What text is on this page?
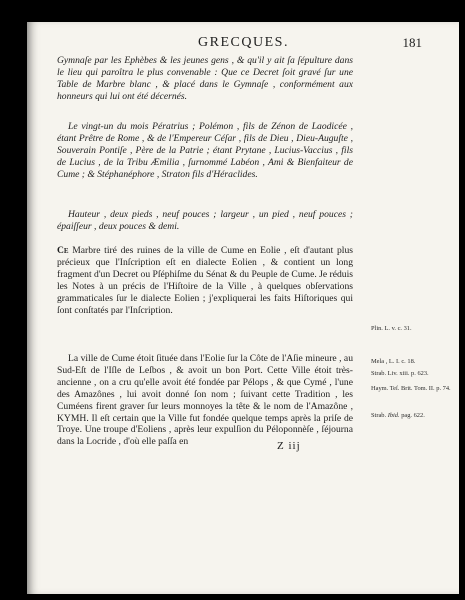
GRECQUES.	181

Gymnaſe par les Ephèbes & les jeunes gens , & qu'il y ait ſa ſépulture dans le lieu qui paroîtra le plus convenable : Que ce Decret ſoit gravé ſur une Table de Marbre blanc , & placé dans le Gymnaſe , conformément aux honneurs qui lui ont été décernés.

Le vingt-un du mois Pératrius ; Polémon , fils de Zénon de Laodicée , étant Prêtre de Rome , & de l'Empereur Céſar , fils de Dieu , Dieu-Auguſte , Souverain Pontiſe , Père de la Patrie ; étant Prytane , Lucius-Vaccius , fils de Lucius , de la Tribu Æmilia , ſurnommé Labéon , Ami & Bienfaiteur de Cume ; & Stéphanéphore , Straton fils d'Héraclides.

Hauteur , deux pieds , neuf pouces ; largeur , un pied , neuf pouces ; épaiſſeur , deux pouces & demi.

Ce Marbre tiré des ruines de la ville de Cume en Eolie , eſt d'autant plus précieux que l'Inſcription eſt en dialecte Eolien , & contient un long fragment d'un Decret ou Pſéphiſme du Sénat & du Peuple de Cume. Je réduis les Notes à un précis de l'Hiſtoire de la Ville , à quelques obſervations grammaticales ſur le dialecte Eolien ; j'expliquerai les faits Hiſtoriques qui ſont conſtatés par l'Inſcription.

La ville de Cume étoit ſituée dans l'Eolie ſur la Côte de l'Aſie mineure , au Sud-Eſt de l'Iſle de Leſbos , & avoit un bon Port. Cette Ville étoit très-ancienne , on a cru qu'elle avoit été fondée par Pélops , & que Cymé , l'une des Amazônes , lui avoit donné ſon nom ; ſuivant cette Tradition , les Cuméens firent graver ſur leurs monnoyes la tête & le nom de l'Amazône , ΚΥΜΗ. Il eſt certain que la Ville fut fondée quelque temps après la priſe de Troye. Une troupe d'Eoliens , après leur expulſion du Péloponnèſe , ſéjourna dans la Locride , d'où elle paſſa en

Plin. L. v. c. 31.
Mela , L. I. c. 18.
Strab. Liv. xiii. p. 623.
Haym. Teſ. Brit. Tom. II. p. 74.
Strab. Ibid. pag. 622.
Z iij
